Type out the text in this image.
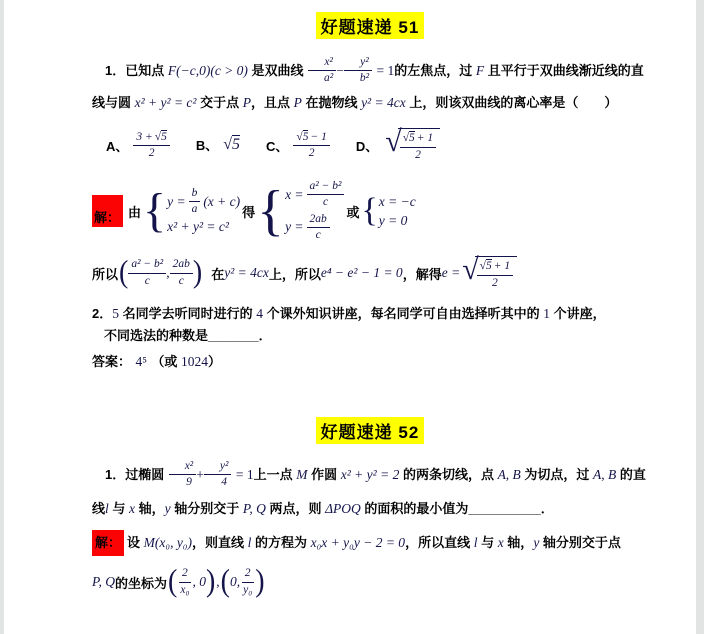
好题速递 51

1．已知点 F(−c,0)(c > 0) 是双曲线 $\frac{\text{x²}}{\text{a²}} - \frac{\text{y²}}{\text{b²}} = 1$的左焦点，过 F 且平行于双曲线渐近线的直线与圆 x² + y² = c² 交于点 P，且点 P 在抛物线 y² = 4cx 上，则该双曲线的离心率是（　　）

A、 $\frac{3 + √ 5}{2}$ B、 √ 5 C、 $\frac{√ 5 - 1}{2}$ D、 √
$\frac{√ 5 + 1}{2}$
解： 由 { $y = \frac{b}{a} (x + c)$
x² + y² = c²
得 { $x = \frac{\text{a² − b²}}{c}$
$y = \frac{2ab}{c}$
或 { x = −c
y = 0
所以 ( $\frac{\text{a² − b²}}{c}$ , $\frac{2ab}{c}$ ) 在 y² = 4cx 上，所以 e⁴ − e² − 1 = 0 ，解得 e = √
$\frac{√ 5 + 1}{2}$

2．5 名同学去听同时进行的 4 个课外知识讲座，每名同学可自由选择听其中的 1 个讲座，
不同选法的种数是_______．

答案： 4⁵ （或 1024）

好题速递 52

1．过椭圆 $\frac{\text{x²}}{9} + \frac{\text{y²}}{4} = 1$上一点 M 作圆 x² + y² = 2 的两条切线，点 A, B 为切点，过 A, B 的直线l 与 x 轴，y 轴分别交于 P, Q 两点，则 ΔPOQ 的面积的最小值为__________．

解： 设 M(x₀, y₀)，则直线 l 的方程为 x₀x + y₀y − 2 = 0，所以直线 l 与 x 轴，y 轴分别交于点

P, Q 的坐标为 ( $\frac{2}{\text{x₀}}$ , 0 ) , ( 0, $\frac{2}{\text{y₀}}$ )
